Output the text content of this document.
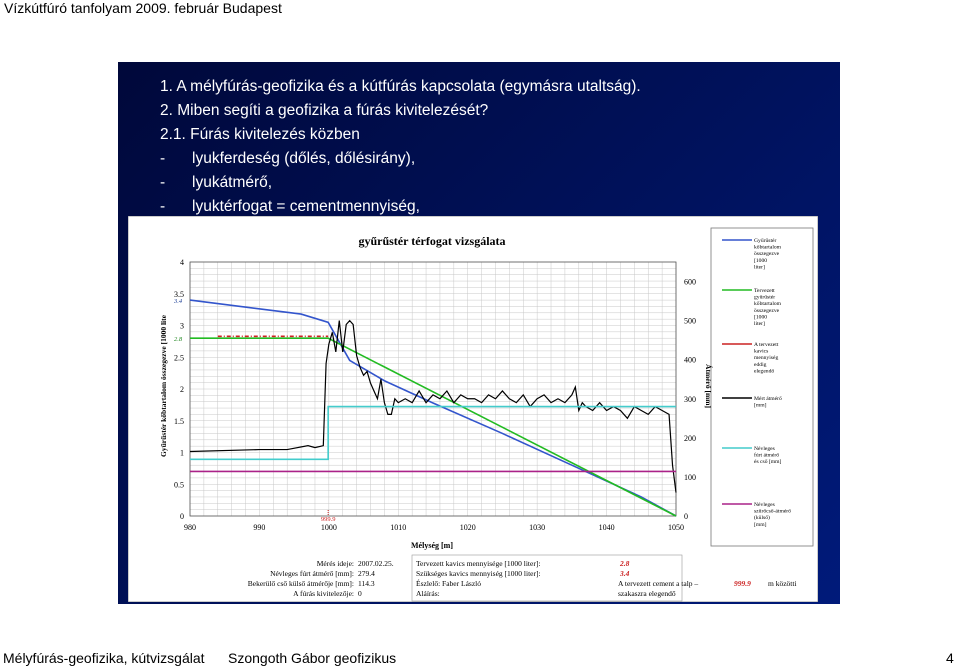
Vízkútfúró tanfolyam 2009. február Budapest
1. A mélyfúrás-geofizika és a kútfúrás kapcsolata (egymásra utaltság).
2. Miben segíti a geofizika a fúrás kivitelezését?
2.1. Fúrás kivitelezés közben
- lyukferdeség (dőlés, dőlésirány),
- lyukátmérő,
- lyuktérfogat = cementmennyiség,
gyűrűstér térfogat vizsgálata
Mélység [m]
Gyűrűstér kőbtartalom összegezve [1000 lite	Átmérő [mm]
980	990	1000	1010	1020	1030	1040	1050
0
0.5
1
1.5
2
2.5
3
3.5
4
0
100
200
300
400
500
600
3.4
2.8
999.9
Gyűrűstér kőbtartalom összegezve [1000 liter]
Tervezett gyűrűstér kőbtartalom összegezve [1000 liter]
A tervezett kavics mennyiség eddig elegendő
Mért átmérő [mm]
Névleges fúrt átmérő és cső [mm]
Névleges szűrőcső-átmérő (külső) [mm]
Mérés ideje: 2007.02.25.	Tervezett kavics mennyisége [1000 liter]:	2.8
Névleges fúrt átmérő [mm]: 279.4	Szükséges kavics mennyiség [1000 liter]:	3.4
Bekerülő cső külső átmérője [mm]: 114.3	Észlelő: Faber László
A fúrás kivitelezője: 0	Aláírás:
A tervezett cement a talp –	999.9 m közötti
szakaszra elegendő
Mélyfúrás-geofizika, kútvizsgálat Szongoth Gábor geofizikus	4
